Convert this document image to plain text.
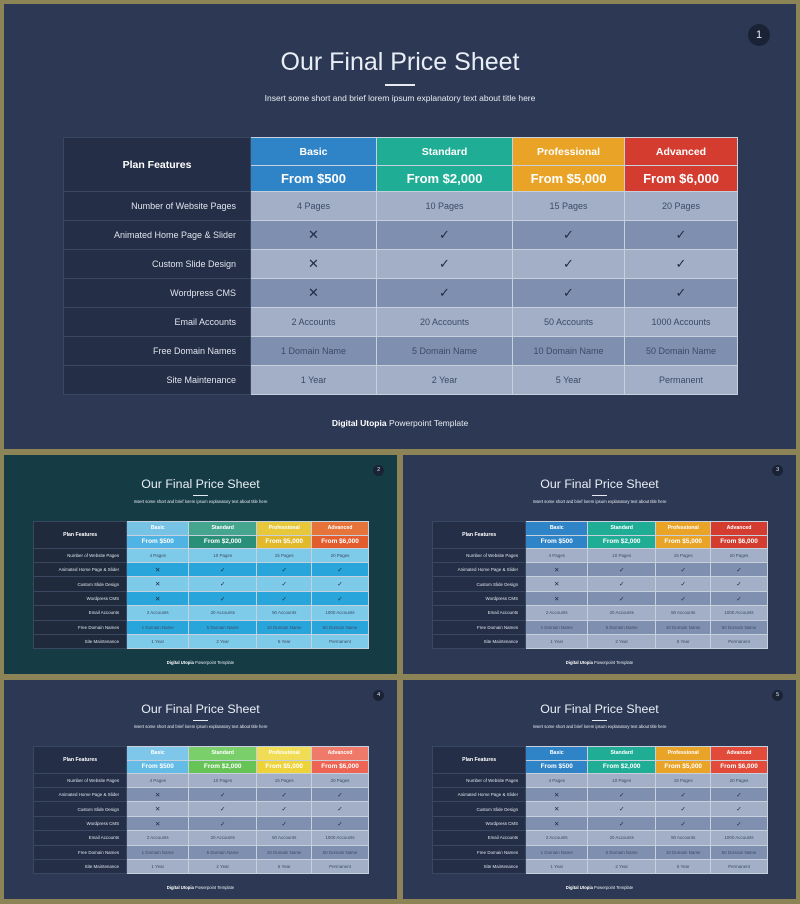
1
Our Final Price Sheet
Insert some short and brief lorem ipsum explanatory text about title here
Plan Features	Basic	Standard	Professional	Advanced
	From $500	From $2,000	From $5,000	From $6,000
Number of Website Pages	4 Pages	10 Pages	15 Pages	20 Pages
Animated Home Page & Slider	✕	✓	✓	✓
Custom Slide Design	✕	✓	✓	✓
Wordpress CMS	✕	✓	✓	✓
Email Accounts	2 Accounts	20 Accounts	50 Accounts	1000 Accounts
Free Domain Names	1 Domain Name	5 Domain Name	10 Domain Name	50 Domain Name
Site Maintenance	1 Year	2 Year	5 Year	Permanent
Digital Utopia Powerpoint Template
2
Our Final Price Sheet
Insert some short and brief lorem ipsum explanatory text about title here
Plan Features	Basic	Standard	Professional	Advanced
	From $500	From $2,000	From $5,000	From $6,000
Number of Website Pages	4 Pages	10 Pages	15 Pages	20 Pages
Animated Home Page & Slider	✕	✓	✓	✓
Custom Slide Design	✕	✓	✓	✓
Wordpress CMS	✕	✓	✓	✓
Email Accounts	2 Accounts	20 Accounts	50 Accounts	1000 Accounts
Free Domain Names	1 Domain Name	5 Domain Name	10 Domain Name	50 Domain Name
Site Maintenance	1 Year	2 Year	5 Year	Permanent
Digital Utopia Powerpoint Template
3
Our Final Price Sheet
Insert some short and brief lorem ipsum explanatory text about title here
Plan Features	Basic	Standard	Professional	Advanced
	From $500	From $2,000	From $5,000	From $6,000
Number of Website Pages	4 Pages	10 Pages	15 Pages	20 Pages
Animated Home Page & Slider	✕	✓	✓	✓
Custom Slide Design	✕	✓	✓	✓
Wordpress CMS	✕	✓	✓	✓
Email Accounts	2 Accounts	20 Accounts	50 Accounts	1000 Accounts
Free Domain Names	1 Domain Name	5 Domain Name	10 Domain Name	50 Domain Name
Site Maintenance	1 Year	2 Year	5 Year	Permanent
Digital Utopia Powerpoint Template
4
Our Final Price Sheet
Insert some short and brief lorem ipsum explanatory text about title here
Plan Features	Basic	Standard	Professional	Advanced
	From $500	From $2,000	From $5,000	From $6,000
Number of Website Pages	4 Pages	10 Pages	15 Pages	20 Pages
Animated Home Page & Slider	✕	✓	✓	✓
Custom Slide Design	✕	✓	✓	✓
Wordpress CMS	✕	✓	✓	✓
Email Accounts	2 Accounts	20 Accounts	50 Accounts	1000 Accounts
Free Domain Names	1 Domain Name	5 Domain Name	10 Domain Name	50 Domain Name
Site Maintenance	1 Year	2 Year	5 Year	Permanent
Digital Utopia Powerpoint Template
5
Our Final Price Sheet
Insert some short and brief lorem ipsum explanatory text about title here
Plan Features	Basic	Standard	Professional	Advanced
	From $500	From $2,000	From $5,000	From $6,000
Number of Website Pages	4 Pages	10 Pages	15 Pages	20 Pages
Animated Home Page & Slider	✕	✓	✓	✓
Custom Slide Design	✕	✓	✓	✓
Wordpress CMS	✕	✓	✓	✓
Email Accounts	2 Accounts	20 Accounts	50 Accounts	1000 Accounts
Free Domain Names	1 Domain Name	5 Domain Name	10 Domain Name	50 Domain Name
Site Maintenance	1 Year	2 Year	5 Year	Permanent
Digital Utopia Powerpoint Template
